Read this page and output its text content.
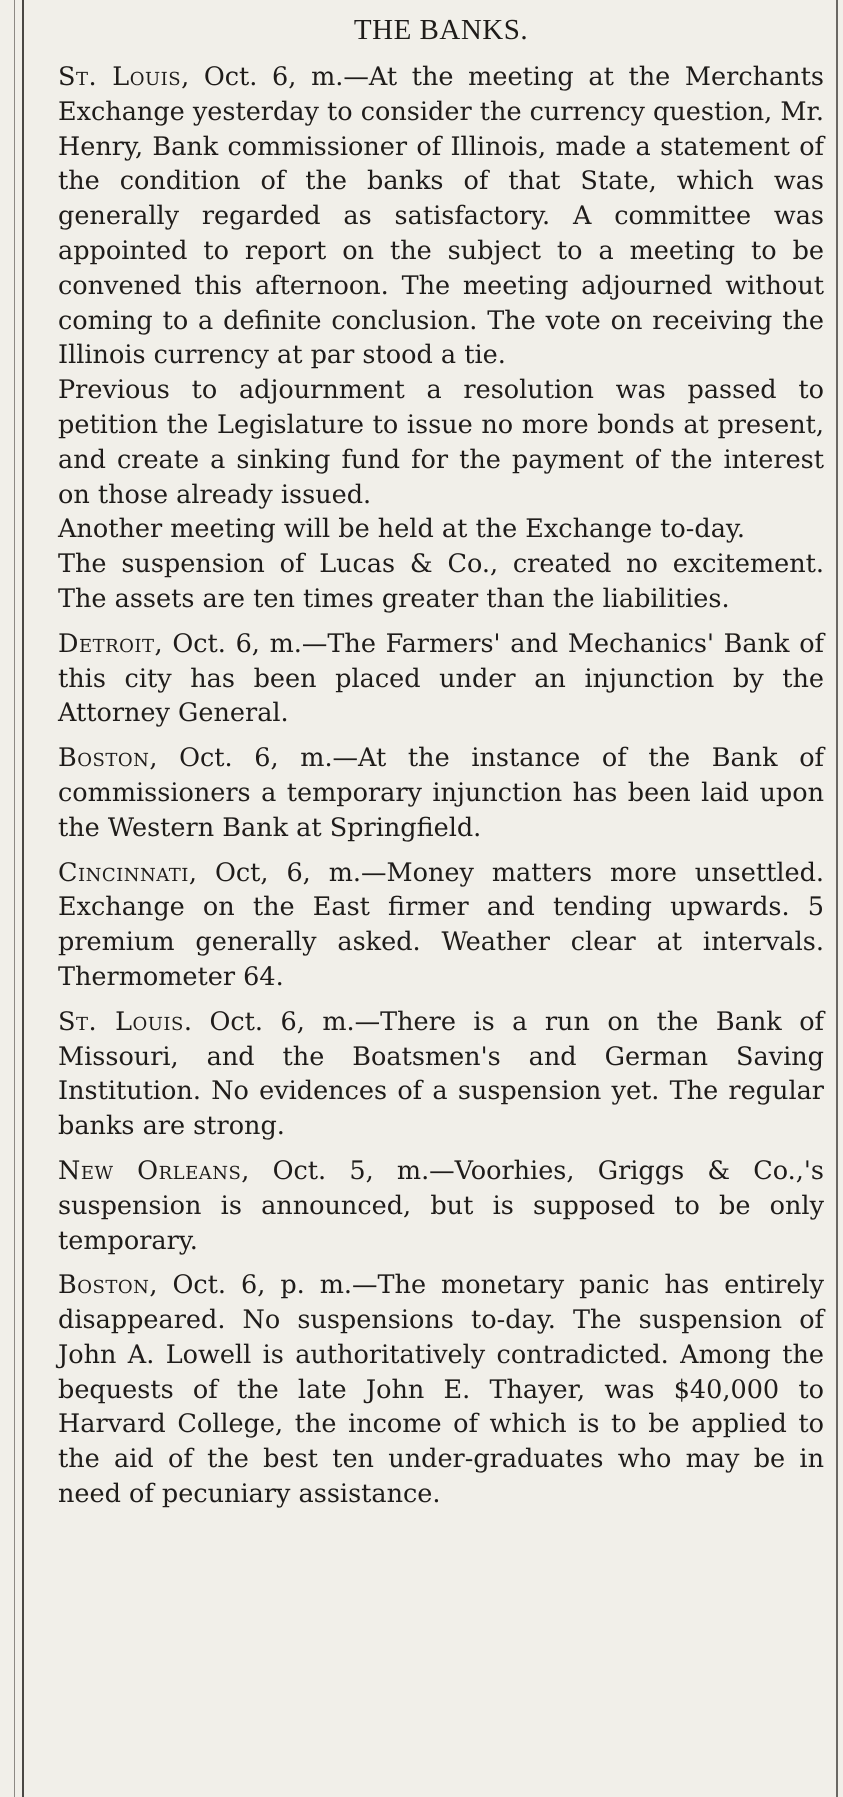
THE BANKS.

St. Louis, Oct. 6, m.—At the meeting at the Merchants Exchange yesterday to consider the currency question, Mr. Henry, Bank commissioner of Illinois, made a statement of the condition of the banks of that State, which was generally regarded as satisfactory. A committee was appointed to report on the subject to a meeting to be convened this afternoon. The meeting adjourned without coming to a definite conclusion. The vote on receiving the Illinois currency at par stood a tie.

Previous to adjournment a resolution was passed to petition the Legislature to issue no more bonds at present, and create a sinking fund for the payment of the interest on those already issued.

Another meeting will be held at the Exchange to-day.

The suspension of Lucas & Co., created no excitement. The assets are ten times greater than the liabilities.

Detroit, Oct. 6, m.—The Farmers' and Mechanics' Bank of this city has been placed under an injunction by the Attorney General.

Boston, Oct. 6, m.—At the instance of the Bank of commissioners a temporary injunction has been laid upon the Western Bank at Springfield.

Cincinnati, Oct, 6, m.—Money matters more unsettled. Exchange on the East firmer and tending upwards. 5 premium generally asked. Weather clear at intervals. Thermometer 64.

St. Louis. Oct. 6, m.—There is a run on the Bank of Missouri, and the Boatsmen's and German Saving Institution. No evidences of a suspension yet. The regular banks are strong.

New Orleans, Oct. 5, m.—Voorhies, Griggs & Co.,'s suspension is announced, but is supposed to be only temporary.

Boston, Oct. 6, p. m.—The monetary panic has entirely disappeared. No suspensions to-day. The suspension of John A. Lowell is authoritatively contradicted. Among the bequests of the late John E. Thayer, was $40,000 to Harvard College, the income of which is to be applied to the aid of the best ten under-graduates who may be in need of pecuniary assistance.
